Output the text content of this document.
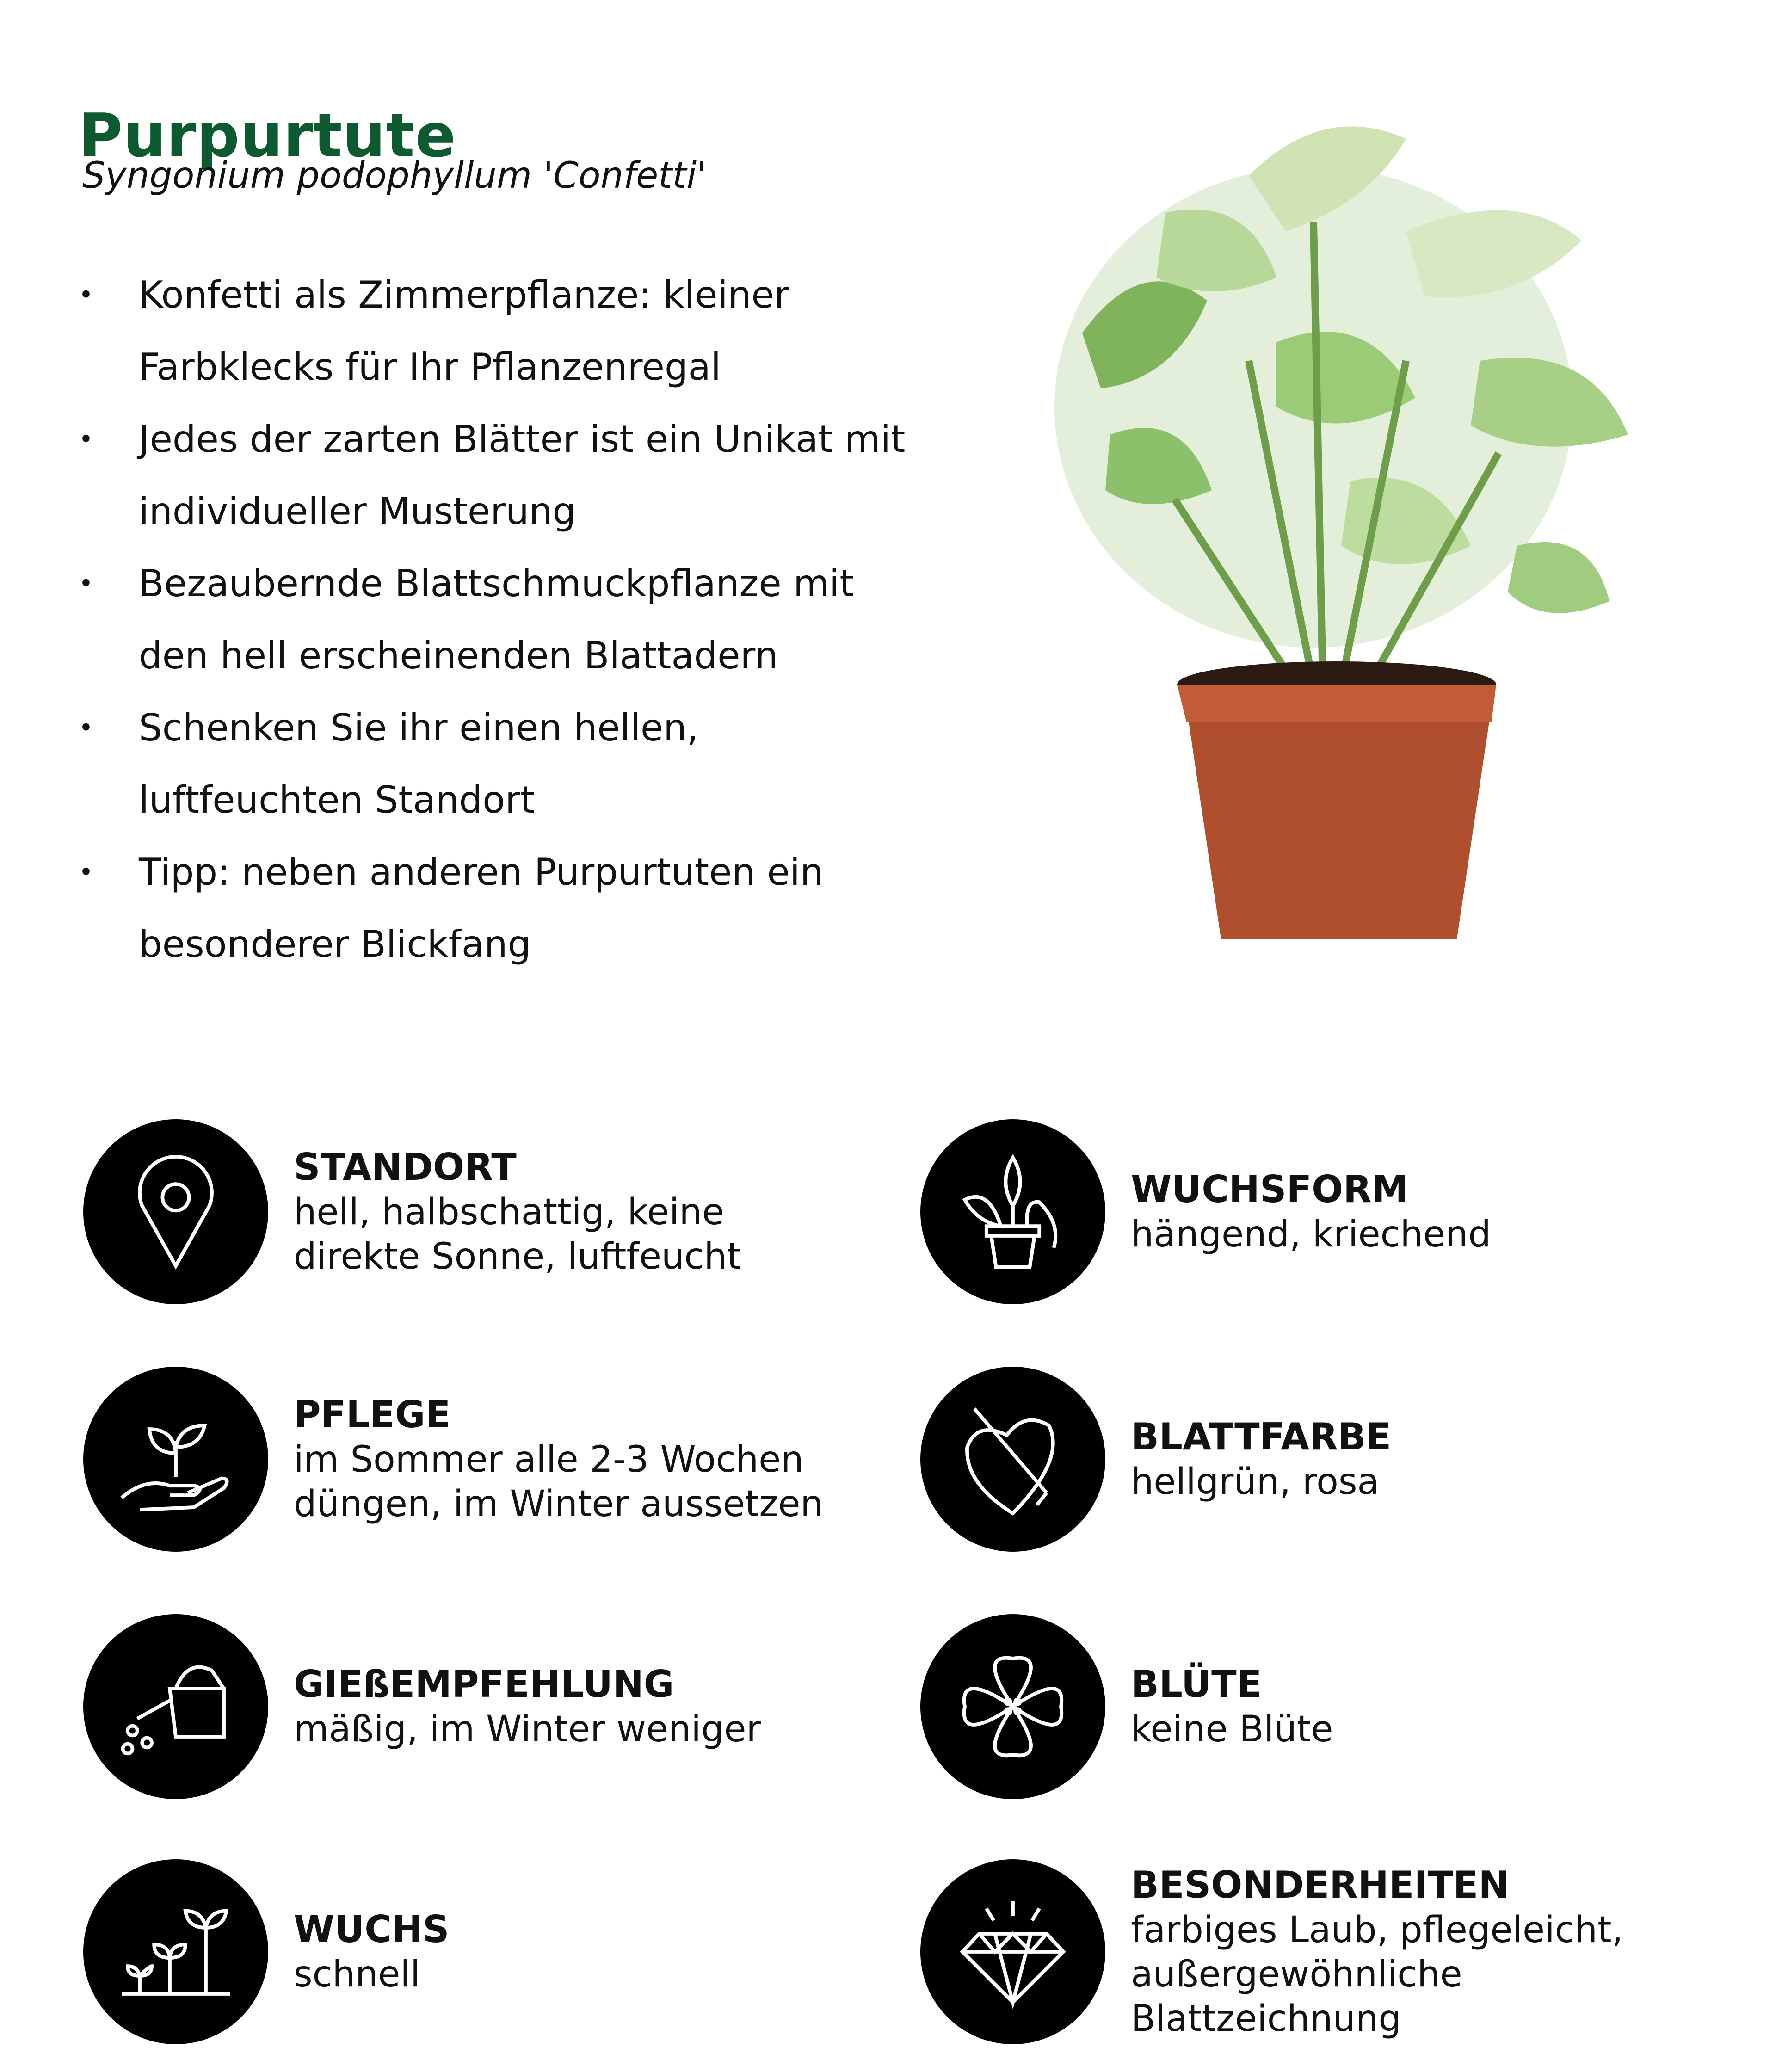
Purpurtute
Syngonium podophyllum 'Confetti'
• Konfetti als Zimmerpflanze: kleiner Farbklecks für Ihr Pflanzenregal
• Jedes der zarten Blätter ist ein Unikat mit individueller Musterung
• Bezaubernde Blattschmuckpflanze mit den hell erscheinenden Blattadern
• Schenken Sie ihr einen hellen, luftfeuchten Standort
• Tipp: neben anderen Purpurtuten ein besonderer Blickfang
STANDORT
hell, halbschattig, keine direkte Sonne, luftfeucht
WUCHSFORM
hängend, kriechend
PFLEGE
im Sommer alle 2-3 Wochen düngen, im Winter aussetzen
BLATTFARBE
hellgrün, rosa
GIEßEMPFEHLUNG
mäßig, im Winter weniger
BLÜTE
keine Blüte
WUCHS
schnell
BESONDERHEITEN
farbiges Laub, pflegeleicht, außergewöhnliche Blattzeichnung
